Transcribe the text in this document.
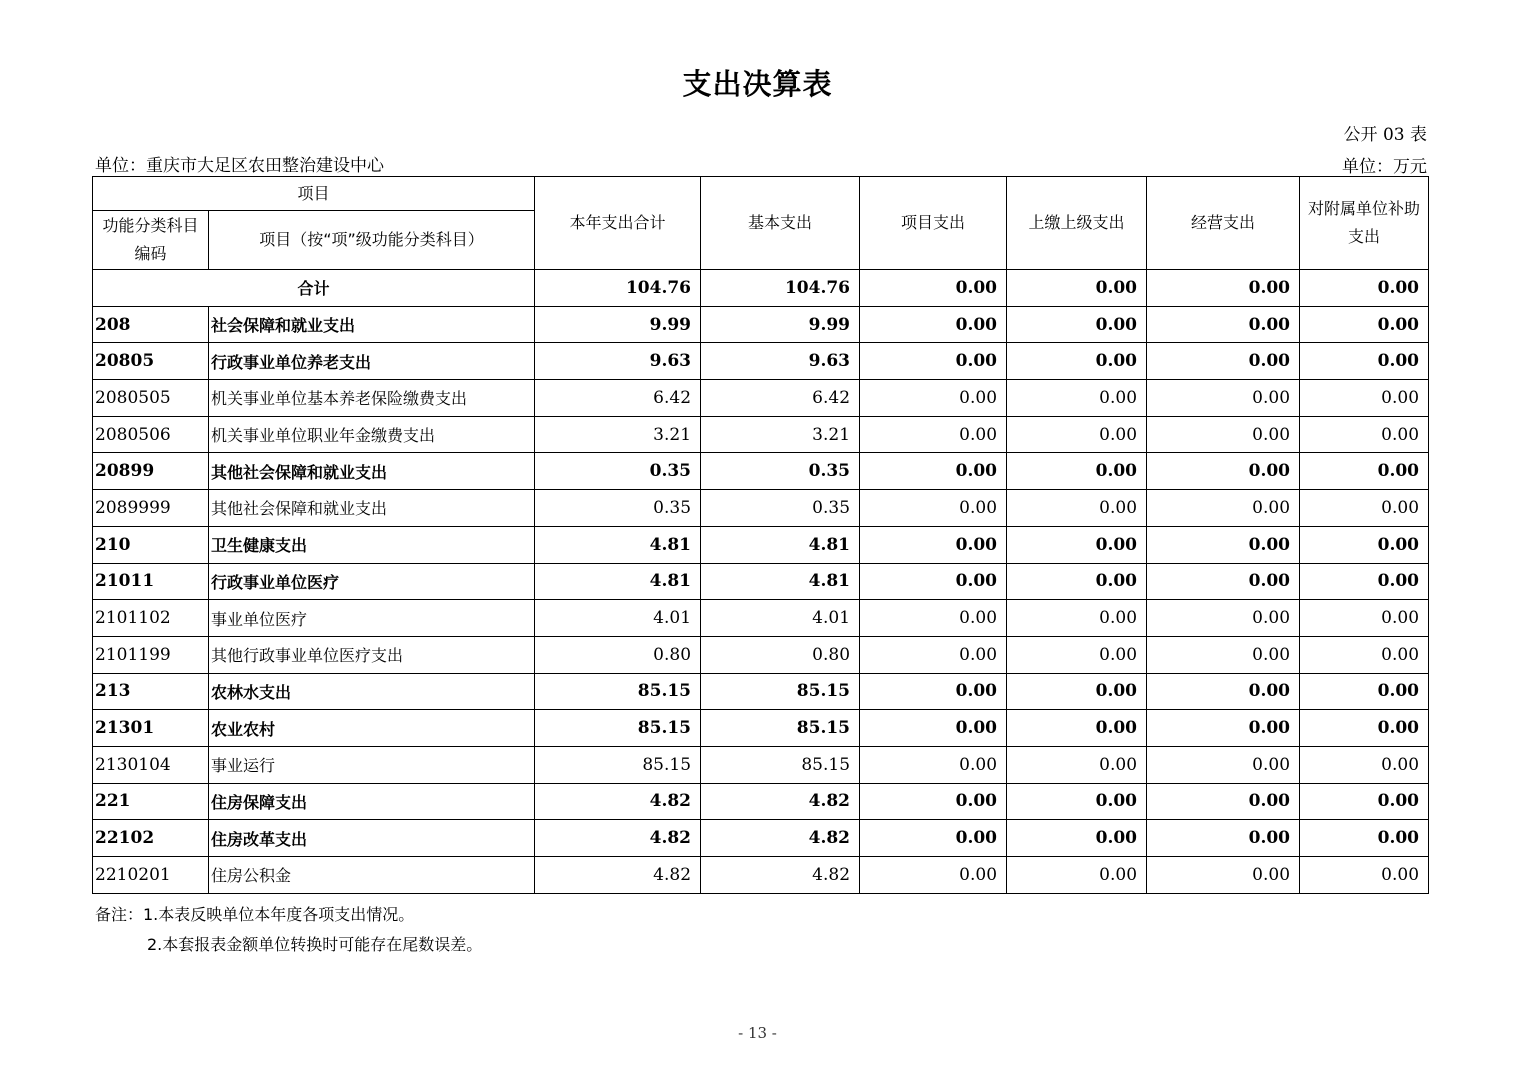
支出决算表
公开 03 表
单位：重庆市大足区农田整治建设中心	单位：万元
项目		本年支出合计	基本支出	项目支出	上缴上级支出	经营支出	对附属单位补助支出
功能分类科目编码	项目（按“项”级功能分类科目）						
合计		104.76	104.76	0.00	0.00	0.00	0.00
208	社会保障和就业支出	9.99	9.99	0.00	0.00	0.00	0.00
20805	行政事业单位养老支出	9.63	9.63	0.00	0.00	0.00	0.00
2080505	机关事业单位基本养老保险缴费支出	6.42	6.42	0.00	0.00	0.00	0.00
2080506	机关事业单位职业年金缴费支出	3.21	3.21	0.00	0.00	0.00	0.00
20899	其他社会保障和就业支出	0.35	0.35	0.00	0.00	0.00	0.00
2089999	其他社会保障和就业支出	0.35	0.35	0.00	0.00	0.00	0.00
210	卫生健康支出	4.81	4.81	0.00	0.00	0.00	0.00
21011	行政事业单位医疗	4.81	4.81	0.00	0.00	0.00	0.00
2101102	事业单位医疗	4.01	4.01	0.00	0.00	0.00	0.00
2101199	其他行政事业单位医疗支出	0.80	0.80	0.00	0.00	0.00	0.00
213	农林水支出	85.15	85.15	0.00	0.00	0.00	0.00
21301	农业农村	85.15	85.15	0.00	0.00	0.00	0.00
2130104	事业运行	85.15	85.15	0.00	0.00	0.00	0.00
221	住房保障支出	4.82	4.82	0.00	0.00	0.00	0.00
22102	住房改革支出	4.82	4.82	0.00	0.00	0.00	0.00
2210201	住房公积金	4.82	4.82	0.00	0.00	0.00	0.00
备注：1.本表反映单位本年度各项支出情况。
2.本套报表金额单位转换时可能存在尾数误差。
- 13 -
